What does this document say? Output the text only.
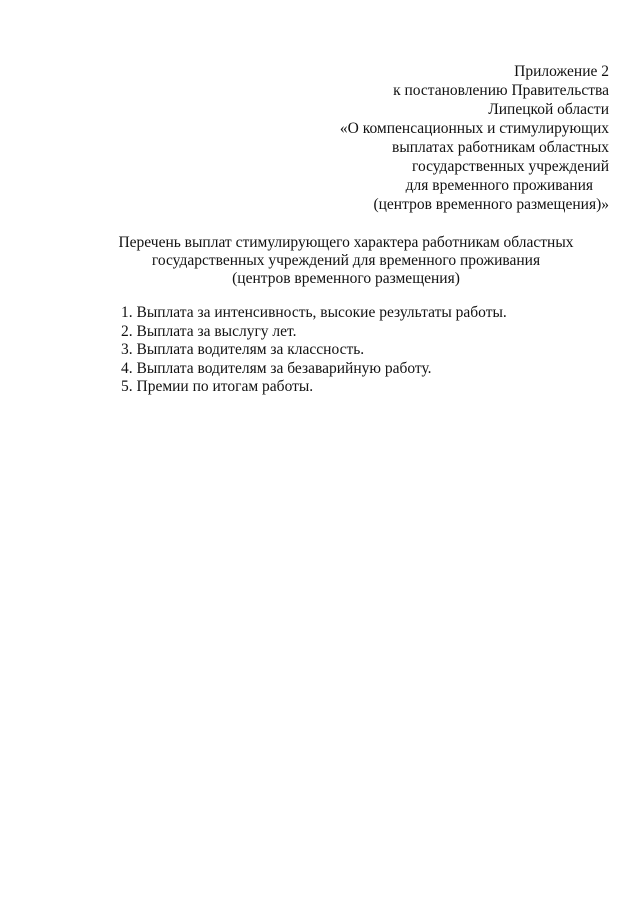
Приложение 2
к постановлению Правительства
Липецкой области
«О компенсационных и стимулирующих
выплатах работникам областных
государственных учреждений
для временного проживания
(центров временного размещения)»
Перечень выплат стимулирующего характера работникам областных
государственных учреждений для временного проживания
(центров временного размещения)
1. Выплата за интенсивность, высокие результаты работы.
2. Выплата за выслугу лет.
3. Выплата водителям за классность.
4. Выплата водителям за безаварийную работу.
5. Премии по итогам работы.
